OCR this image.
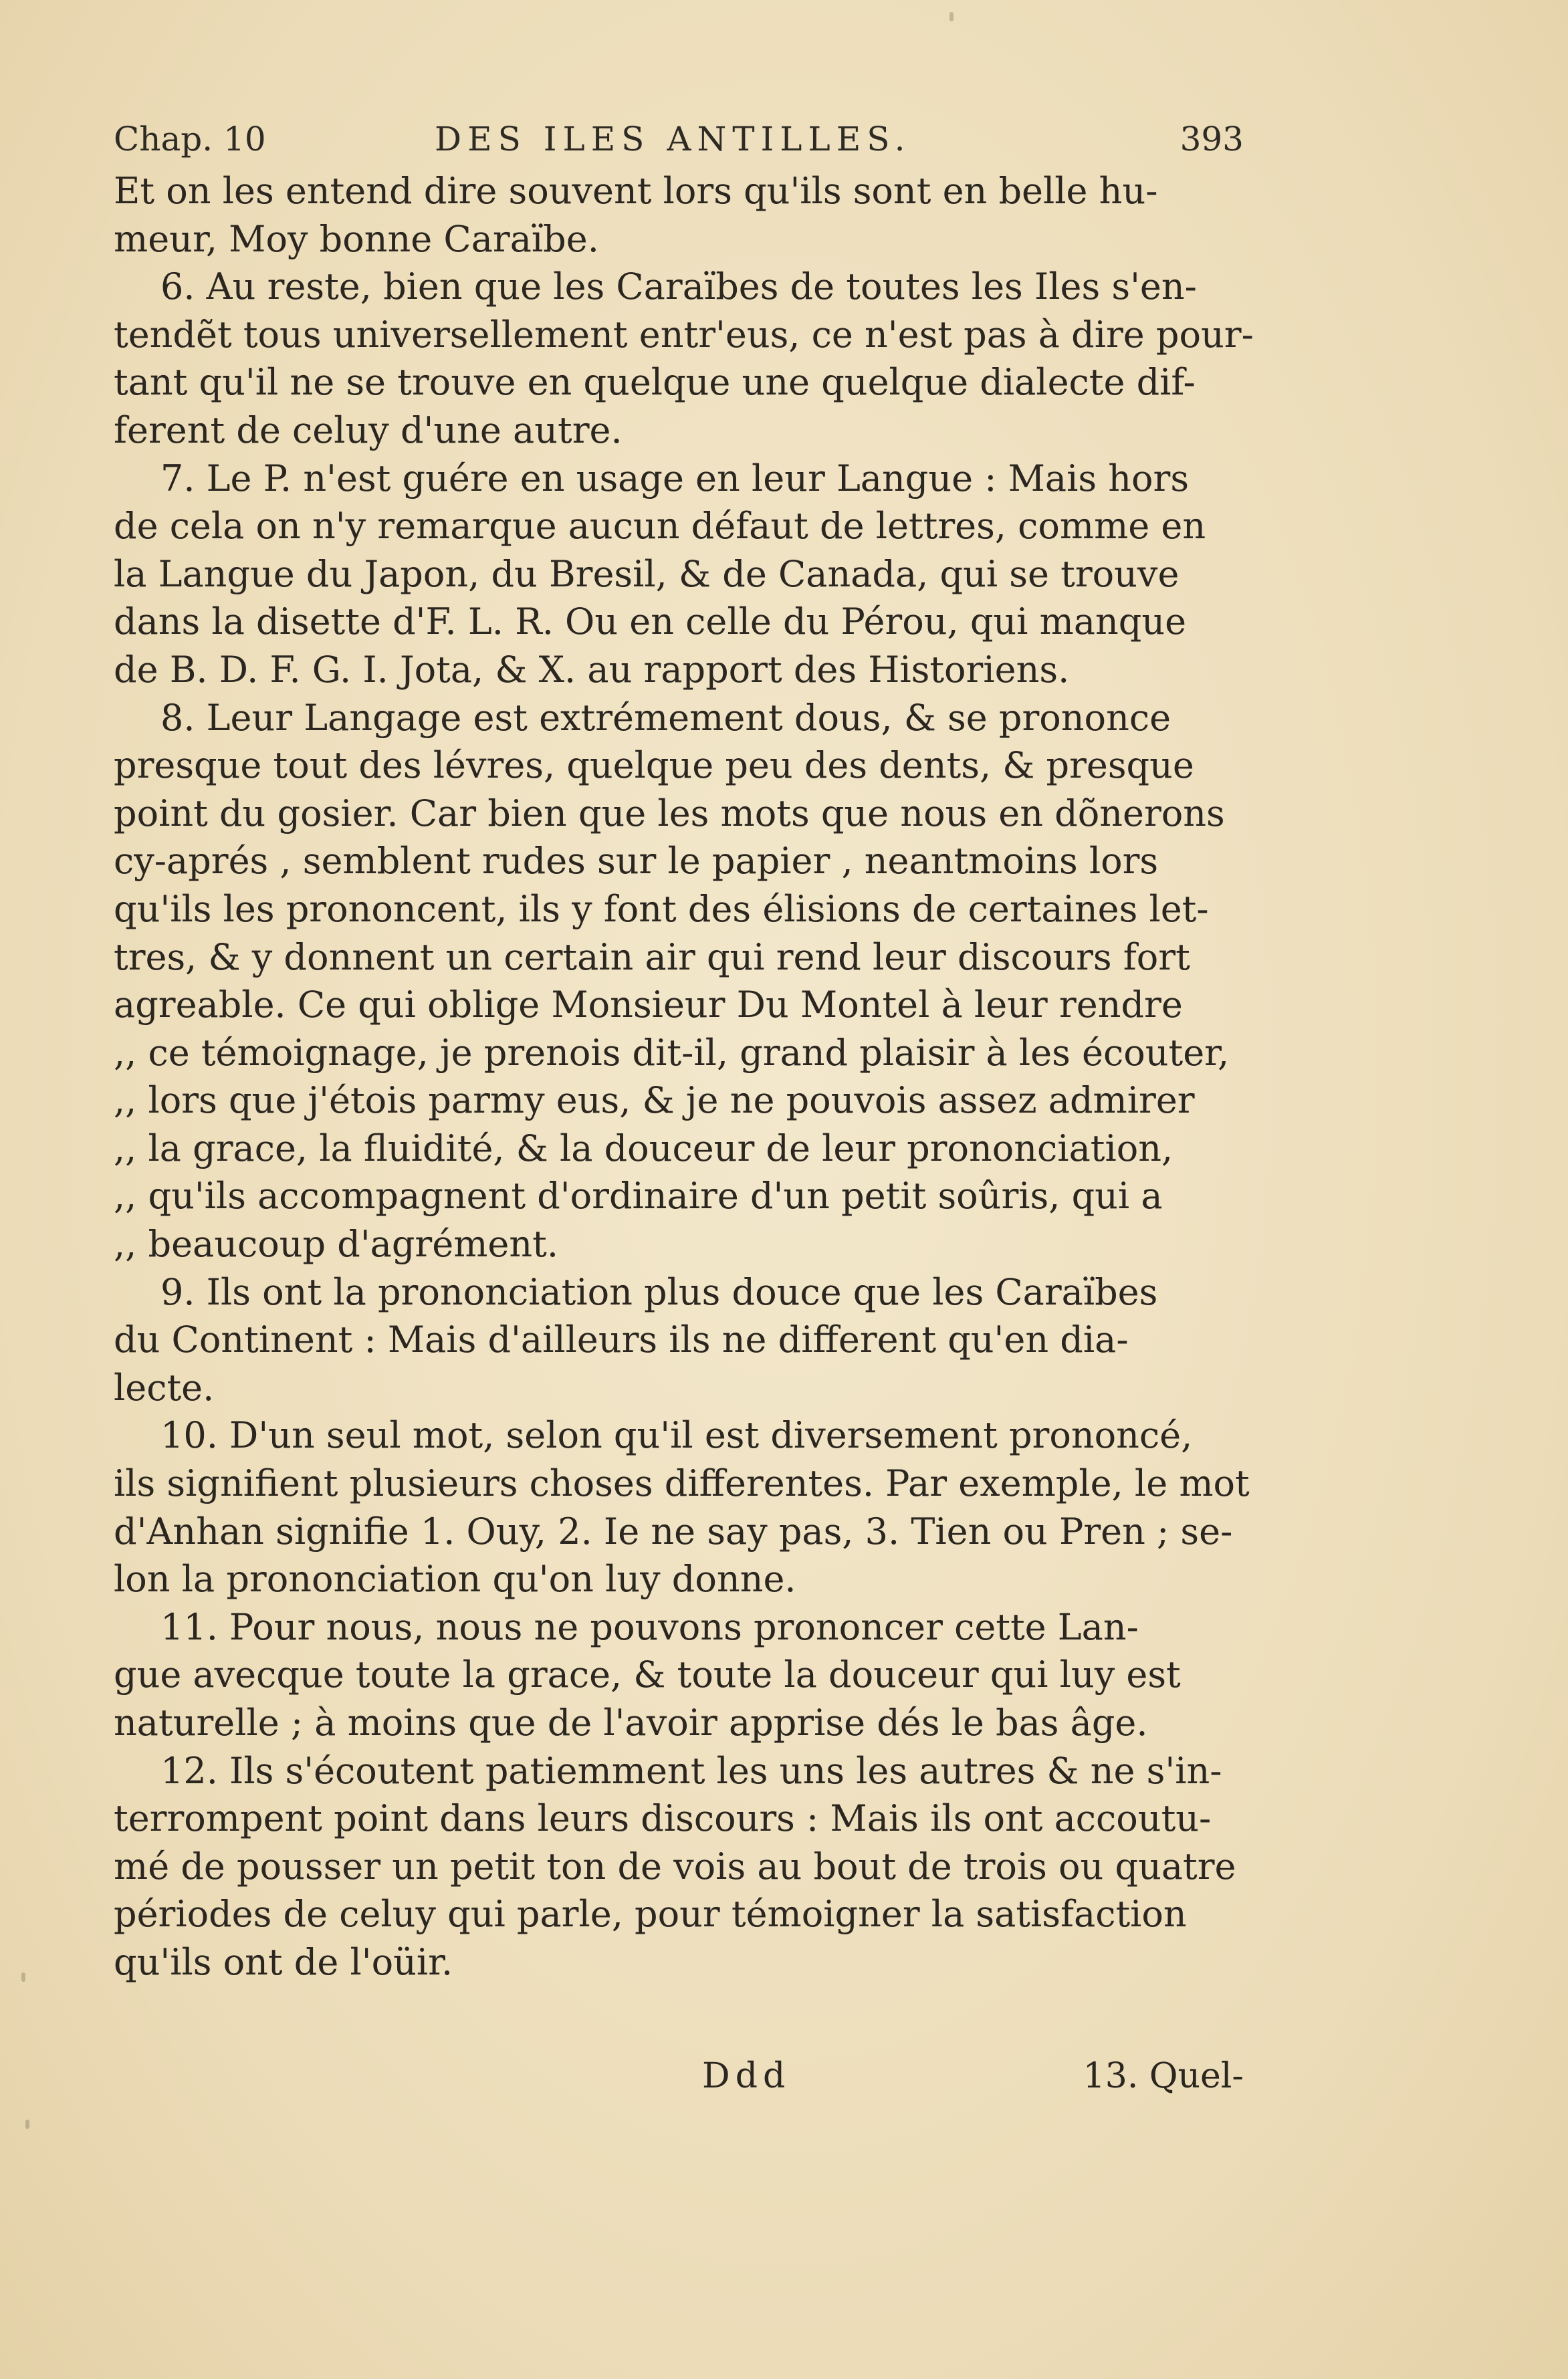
Chap. 10	DES ILES ANTILLES.	393
Et on les entend dire souvent lors qu'ils sont en belle hu-
meur, Moy bonne Caraïbe.
6. Au reste, bien que les Caraïbes de toutes les Iles s'en-
tendẽt tous universellement entr'eus, ce n'est pas à dire pour-
tant qu'il ne se trouve en quelque une quelque dialecte dif-
ferent de celuy d'une autre.
7. Le P. n'est guére en usage en leur Langue : Mais hors
de cela on n'y remarque aucun défaut de lettres, comme en
la Langue du Japon, du Bresil, & de Canada, qui se trouve
dans la disette d'F. L. R. Ou en celle du Pérou, qui manque
de B. D. F. G. I. Jota, & X. au rapport des Historiens.
8. Leur Langage est extrémement dous, & se prononce
presque tout des lévres, quelque peu des dents, & presque
point du gosier. Car bien que les mots que nous en dõnerons
cy-aprés , semblent rudes sur le papier , neantmoins lors
qu'ils les prononcent, ils y font des élisions de certaines let-
tres, & y donnent un certain air qui rend leur discours fort
agreable. Ce qui oblige Monsieur Du Montel à leur rendre
,, ce témoignage, je prenois dit-il, grand plaisir à les écouter,
,, lors que j'étois parmy eus, & je ne pouvois assez admirer
,, la grace, la fluidité, & la douceur de leur prononciation,
,, qu'ils accompagnent d'ordinaire d'un petit soûris, qui a
,, beaucoup d'agrément.
9. Ils ont la prononciation plus douce que les Caraïbes
du Continent : Mais d'ailleurs ils ne different qu'en dia-
lecte.
10. D'un seul mot, selon qu'il est diversement prononcé,
ils signifient plusieurs choses differentes. Par exemple, le mot
d'Anhan signifie 1. Ouy, 2. Ie ne say pas, 3. Tien ou Pren ; se-
lon la prononciation qu'on luy donne.
11. Pour nous, nous ne pouvons prononcer cette Lan-
gue avecque toute la grace, & toute la douceur qui luy est
naturelle ; à moins que de l'avoir apprise dés le bas âge.
12. Ils s'écoutent patiemment les uns les autres & ne s'in-
terrompent point dans leurs discours : Mais ils ont accoutu-
mé de pousser un petit ton de vois au bout de trois ou quatre
périodes de celuy qui parle, pour témoigner la satisfaction
qu'ils ont de l'oüir.
Ddd	13. Quel-
